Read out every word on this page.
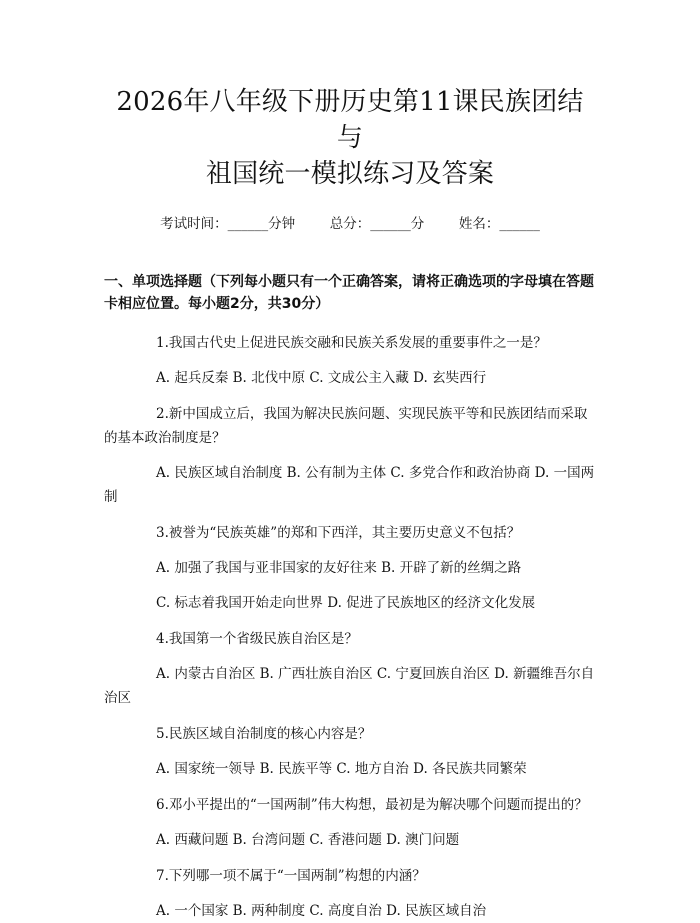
2026年八年级下册历史第11课民族团结与
祖国统一模拟练习及答案
考试时间：______分钟	总分：______分	姓名：______

一、单项选择题（下列每小题只有一个正确答案，请将正确选项的字母填在答题卡相应位置。每小题2分，共30分）

1.我国古代史上促进民族交融和民族关系发展的重要事件之一是？

A. 起兵反秦 B. 北伐中原 C. 文成公主入藏 D. 玄奘西行

2.新中国成立后，我国为解决民族问题、实现民族平等和民族团结而采取的基本政治制度是？

A. 民族区域自治制度 B. 公有制为主体 C. 多党合作和政治协商 D. 一国两制

3.被誉为“民族英雄”的郑和下西洋，其主要历史意义不包括？

A. 加强了我国与亚非国家的友好往来 B. 开辟了新的丝绸之路

C. 标志着我国开始走向世界 D. 促进了民族地区的经济文化发展

4.我国第一个省级民族自治区是？

A. 内蒙古自治区 B. 广西壮族自治区 C. 宁夏回族自治区 D. 新疆维吾尔自治区

5.民族区域自治制度的核心内容是？

A. 国家统一领导 B. 民族平等 C. 地方自治 D. 各民族共同繁荣

6.邓小平提出的“一国两制”伟大构想，最初是为解决哪个问题而提出的？

A. 西藏问题 B. 台湾问题 C. 香港问题 D. 澳门问题

7.下列哪一项不属于“一国两制”构想的内涵？

A. 一个国家 B. 两种制度 C. 高度自治 D. 民族区域自治
